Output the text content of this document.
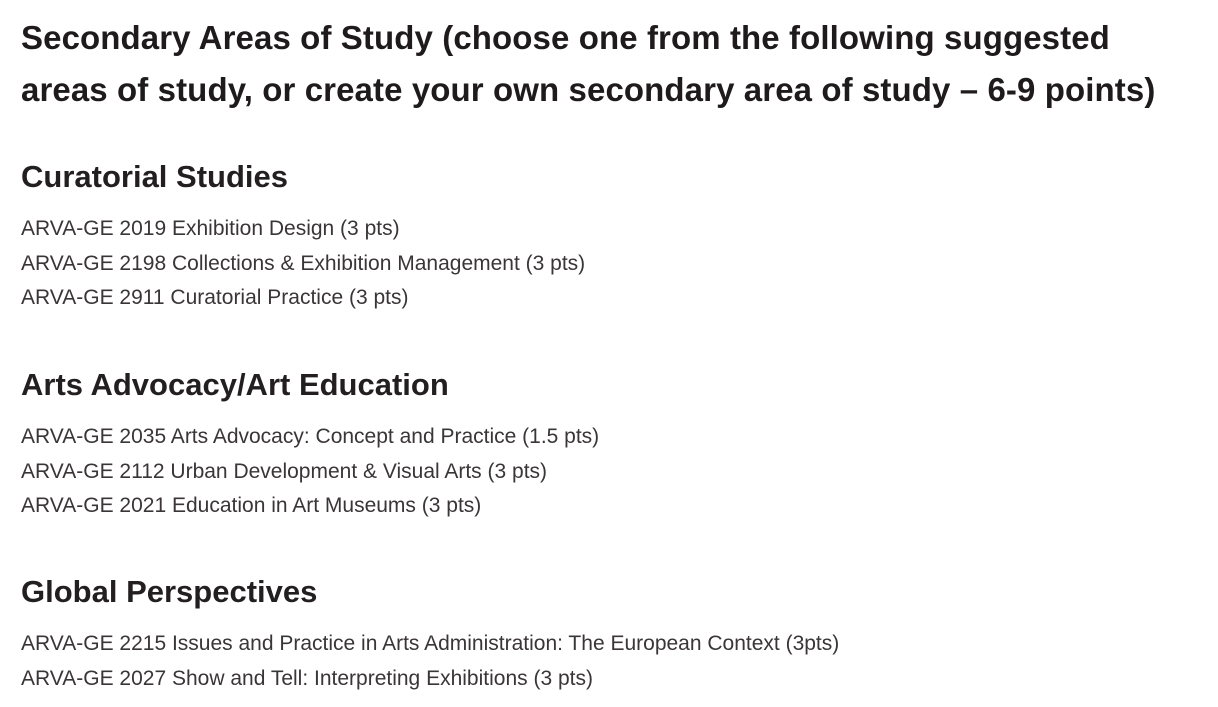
Secondary Areas of Study (choose one from the following suggested
areas of study, or create your own secondary area of study – 6-9 points)
Curatorial Studies
ARVA-GE 2019 Exhibition Design (3 pts)
ARVA-GE 2198 Collections & Exhibition Management (3 pts)
ARVA-GE 2911 Curatorial Practice (3 pts)
Arts Advocacy/Art Education
ARVA-GE 2035 Arts Advocacy: Concept and Practice (1.5 pts)
ARVA-GE 2112 Urban Development & Visual Arts (3 pts)
ARVA-GE 2021 Education in Art Museums (3 pts)
Global Perspectives
ARVA-GE 2215 Issues and Practice in Arts Administration: The European Context (3pts)
ARVA-GE 2027 Show and Tell: Interpreting Exhibitions (3 pts)
